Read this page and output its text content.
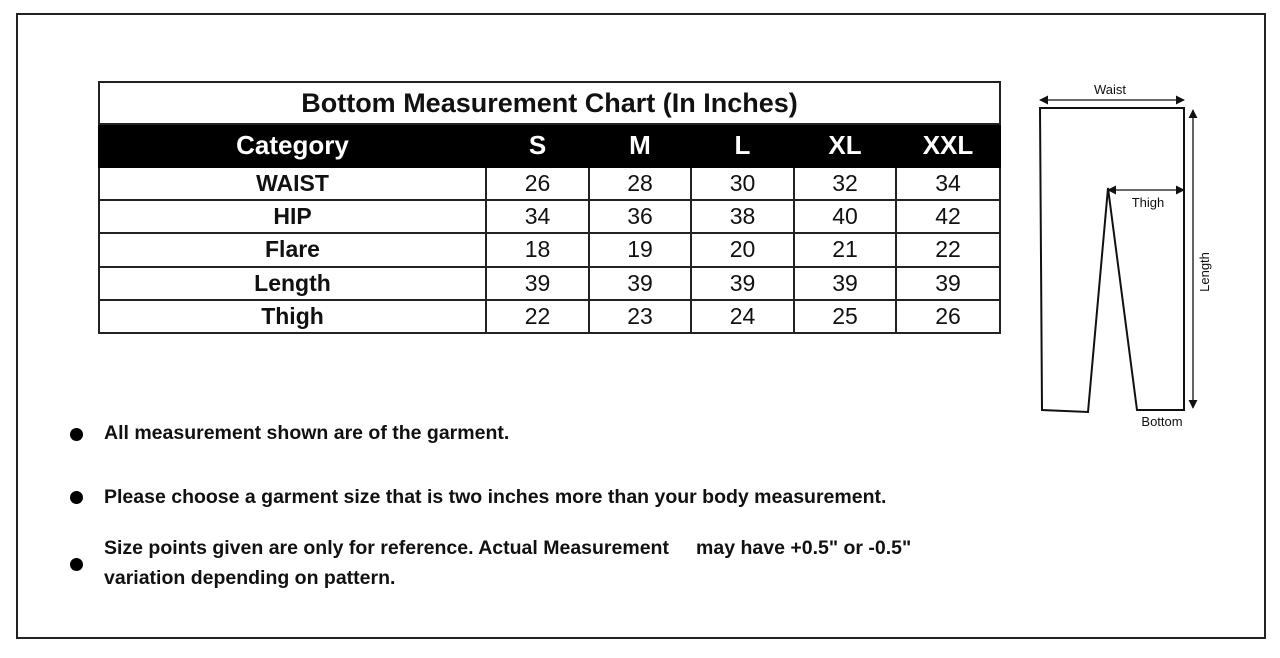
Bottom Measurement Chart (In Inches)					
Category	S	M	L	XL	XXL
WAIST	26	28	30	32	34
HIP	34	36	38	40	42
Flare	18	19	20	21	22
Length	39	39	39	39	39
Thigh	22	23	24	25	26
All measurement shown are of the garment.
Please choose a garment size that is two inches more than your body measurement.
Size points given are only for reference. Actual Measurement     may have +0.5" or -0.5"
variation depending on pattern.
Waist
Thigh
Length
Bottom
